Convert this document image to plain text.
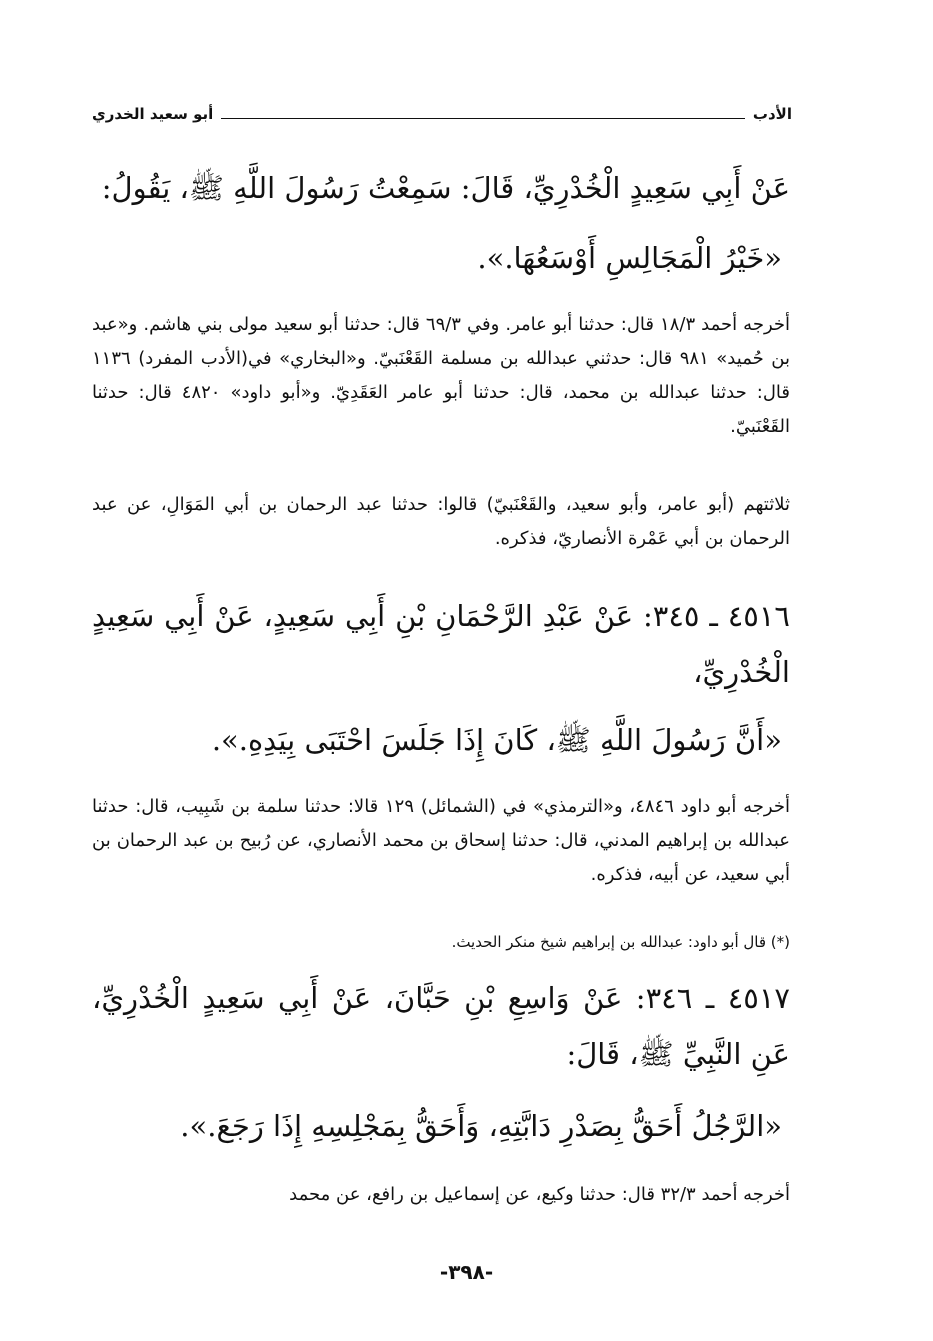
الأدب
أبو سعيد الخدري

عَنْ أَبِي سَعِيدٍ الْخُدْرِيِّ، قَالَ: سَمِعْتُ رَسُولَ اللَّهِ ﷺ، يَقُولُ:

«خَيْرُ الْمَجَالِسِ أَوْسَعُهَا.».

أخرجه أحمد ١٨/٣ قال: حدثنا أبو عامر. وفي ٦٩/٣ قال: حدثنا أبو سعيد مولى بني هاشم. و«عبد بن حُميد» ٩٨١ قال: حدثني عبدالله بن مسلمة القَعْنَبيّ. و«البخاري» في(الأدب المفرد) ١١٣٦ قال: حدثنا عبدالله بن محمد، قال: حدثنا أبو عامر العَقَدِيّ. و«أبو داود» ٤٨٢٠ قال: حدثنا القَعْنَبيّ.

ثلاثتهم (أبو عامر، وأبو سعيد، والقَعْنَبيّ) قالوا: حدثنا عبد الرحمان بن أبي المَوَالِ، عن عبد الرحمان بن أبي عَمْرة الأنصاريّ، فذكره.

٤٥١٦ ـ ٣٤٥: عَنْ عَبْدِ الرَّحْمَانِ بْنِ أَبِي سَعِيدٍ، عَنْ أَبِي سَعِيدٍ الْخُدْرِيِّ،

«أَنَّ رَسُولَ اللَّهِ ﷺ، كَانَ إِذَا جَلَسَ احْتَبَى بِيَدِهِ.».

أخرجه أبو داود ٤٨٤٦، و«الترمذي» في (الشمائل) ١٢٩ قالا: حدثنا سلمة بن شَبِيب، قال: حدثنا عبدالله بن إبراهيم المدني، قال: حدثنا إسحاق بن محمد الأنصاري، عن رُبيح بن عبد الرحمان بن أبي سعيد، عن أبيه، فذكره.

(*) قال أبو داود: عبدالله بن إبراهيم شيخ منكر الحديث.

٤٥١٧ ـ ٣٤٦: عَنْ وَاسِعِ بْنِ حَبَّانَ، عَنْ أَبِي سَعِيدٍ الْخُدْرِيِّ، عَنِ النَّبِيِّ ﷺ، قَالَ:

«الرَّجُلُ أَحَقُّ بِصَدْرِ دَابَّتِهِ، وَأَحَقُّ بِمَجْلِسِهِ إِذَا رَجَعَ.».

أخرجه أحمد ٣٢/٣ قال: حدثنا وكيع، عن إسماعيل بن رافع، عن محمد

-٣٩٨-
